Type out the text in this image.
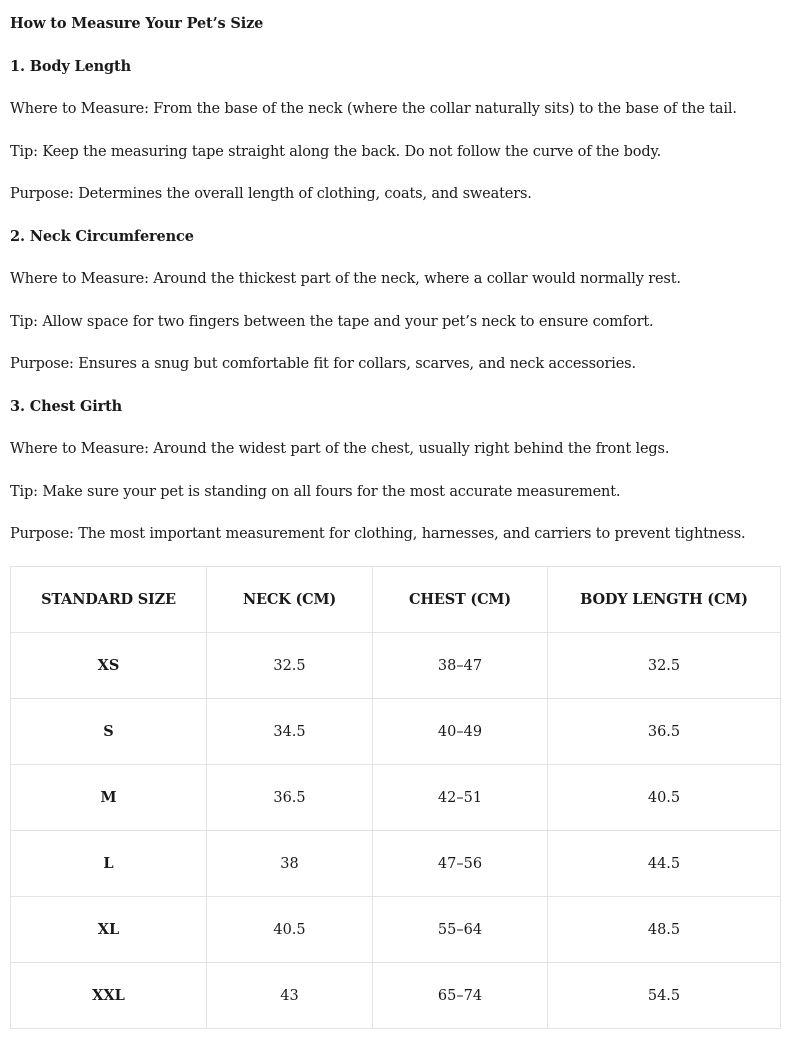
How to Measure Your Pet’s Size
1. Body Length
Where to Measure: From the base of the neck (where the collar naturally sits) to the base of the tail.
Tip: Keep the measuring tape straight along the back. Do not follow the curve of the body.
Purpose: Determines the overall length of clothing, coats, and sweaters.
2. Neck Circumference
Where to Measure: Around the thickest part of the neck, where a collar would normally rest.
Tip: Allow space for two fingers between the tape and your pet’s neck to ensure comfort.
Purpose: Ensures a snug but comfortable fit for collars, scarves, and neck accessories.
3. Chest Girth
Where to Measure: Around the widest part of the chest, usually right behind the front legs.
Tip: Make sure your pet is standing on all fours for the most accurate measurement.
Purpose: The most important measurement for clothing, harnesses, and carriers to prevent tightness.
STANDARD SIZE	NECK (CM)	CHEST (CM)	BODY LENGTH (CM)
XS	32.5	38–47	32.5
S	34.5	40–49	36.5
M	36.5	42–51	40.5
L	38	47–56	44.5
XL	40.5	55–64	48.5
XXL	43	65–74	54.5
